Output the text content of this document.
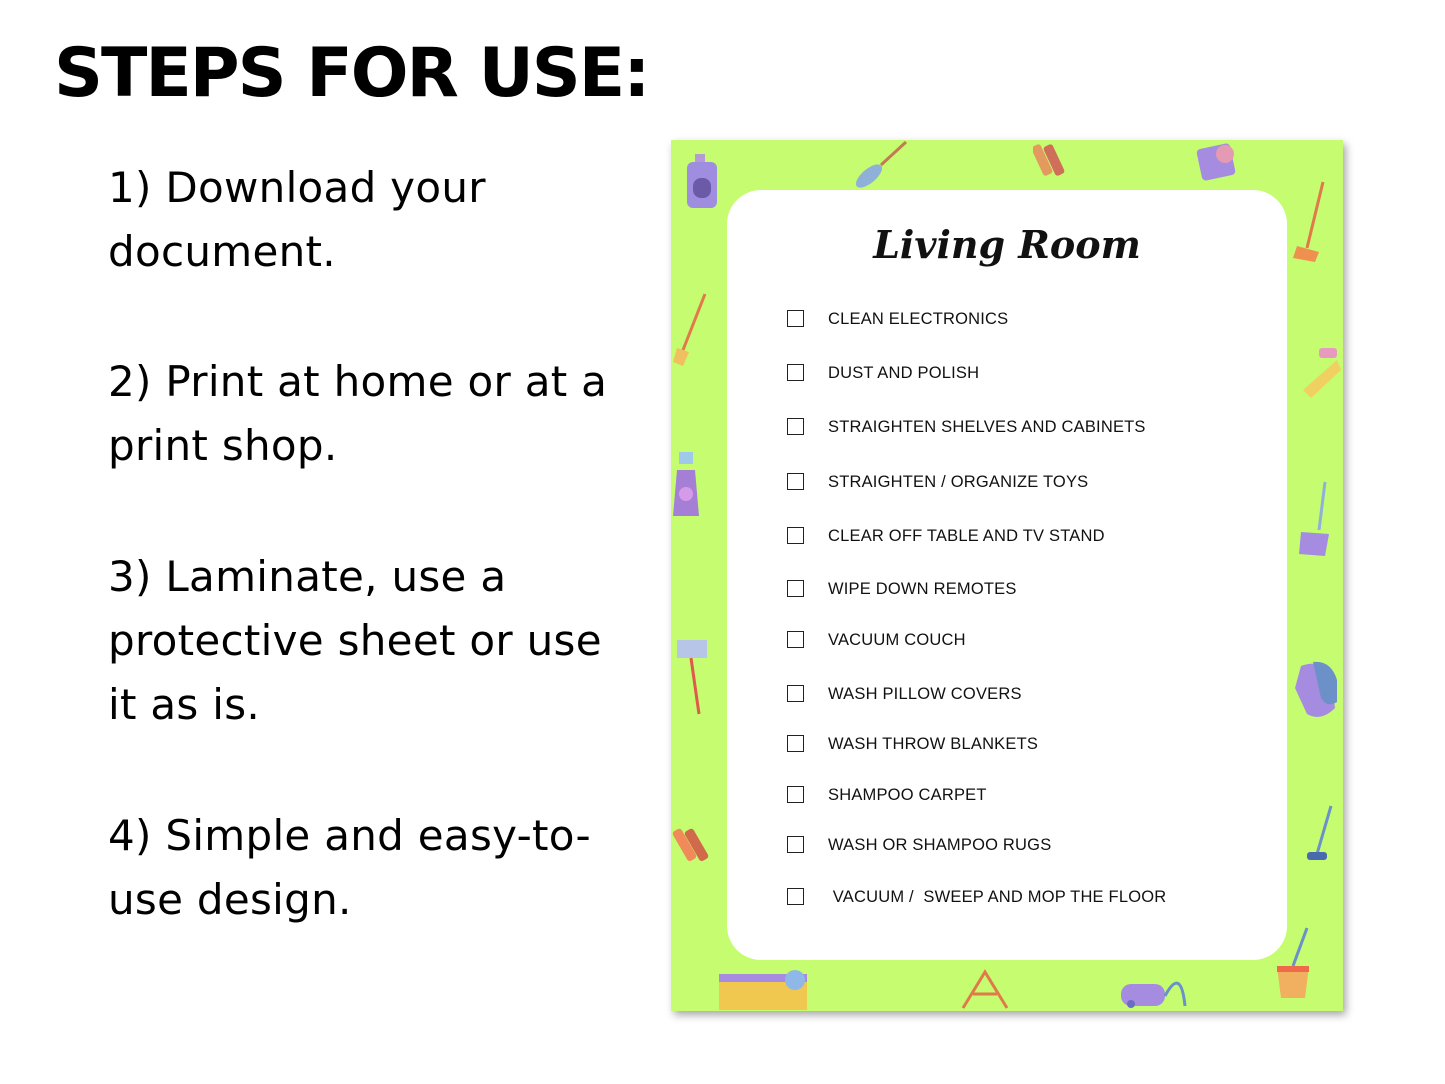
STEPS FOR USE:

1) Download your document.

2) Print at home or at a print shop.

3) Laminate, use a protective sheet or use it as is.

4) Simple and easy-to-use design.

Living Room
CLEAN ELECTRONICS
DUST AND POLISH
STRAIGHTEN SHELVES AND CABINETS
STRAIGHTEN / ORGANIZE TOYS
CLEAR OFF TABLE AND TV STAND
WIPE DOWN REMOTES
VACUUM COUCH
WASH PILLOW COVERS
WASH THROW BLANKETS
SHAMPOO CARPET
WASH OR SHAMPOO RUGS
VACUUM /  SWEEP AND MOP THE FLOOR
